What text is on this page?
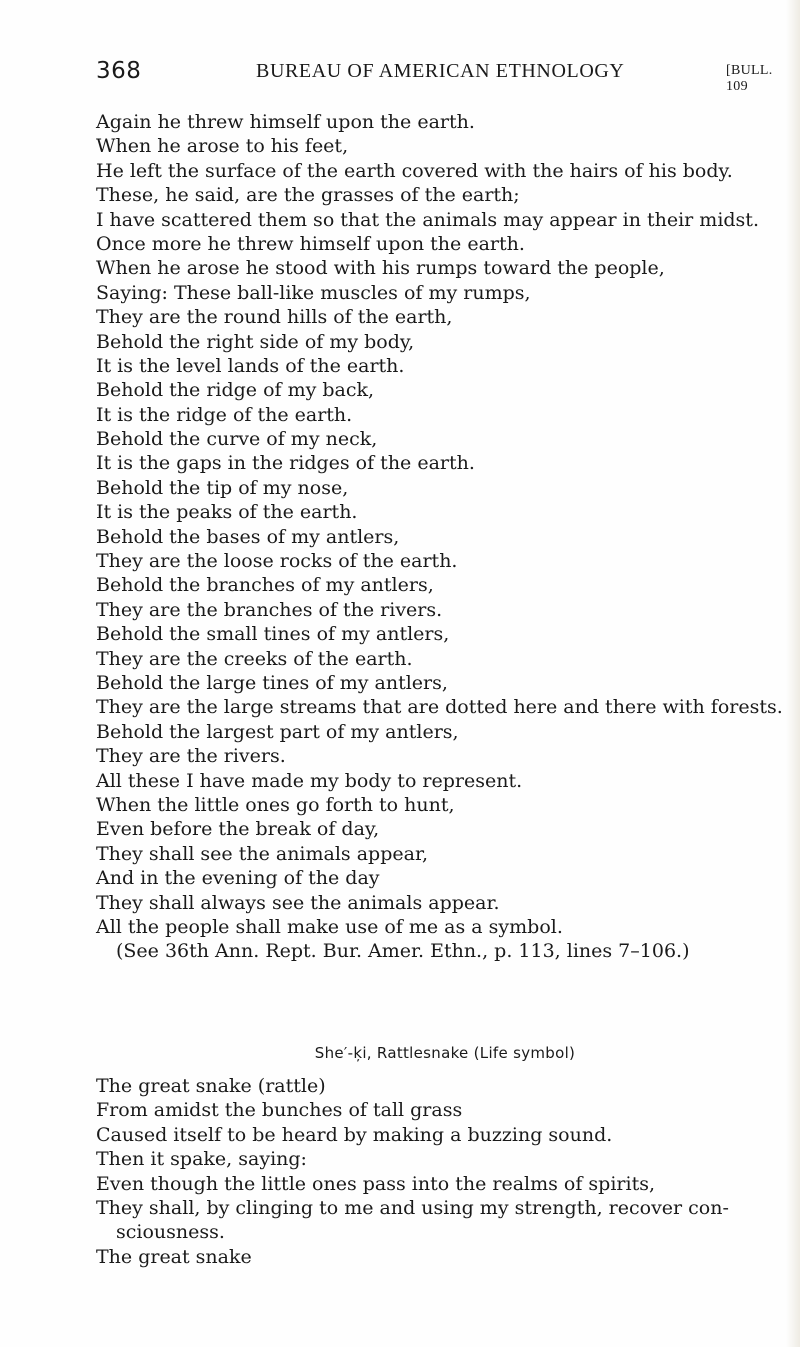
368	BUREAU OF AMERICAN ETHNOLOGY	[BULL. 109
Again he threw himself upon the earth.
When he arose to his feet,
He left the surface of the earth covered with the hairs of his body.
These, he said, are the grasses of the earth;
I have scattered them so that the animals may appear in their midst.
Once more he threw himself upon the earth.
When he arose he stood with his rumps toward the people,
Saying: These ball-like muscles of my rumps,
They are the round hills of the earth,
Behold the right side of my body,
It is the level lands of the earth.
Behold the ridge of my back,
It is the ridge of the earth.
Behold the curve of my neck,
It is the gaps in the ridges of the earth.
Behold the tip of my nose,
It is the peaks of the earth.
Behold the bases of my antlers,
They are the loose rocks of the earth.
Behold the branches of my antlers,
They are the branches of the rivers.
Behold the small tines of my antlers,
They are the creeks of the earth.
Behold the large tines of my antlers,
They are the large streams that are dotted here and there with forests.
Behold the largest part of my antlers,
They are the rivers.
All these I have made my body to represent.
When the little ones go forth to hunt,
Even before the break of day,
They shall see the animals appear,
And in the evening of the day
They shall always see the animals appear.
All the people shall make use of me as a symbol.
(See 36th Ann. Rept. Bur. Amer. Ethn., p. 113, lines 7–106.)
She′-k̦i, Rattlesnake (Life symbol)
The great snake (rattle)
From amidst the bunches of tall grass
Caused itself to be heard by making a buzzing sound.
Then it spake, saying:
Even though the little ones pass into the realms of spirits,
They shall, by clinging to me and using my strength, recover con-
sciousness.
The great snake
